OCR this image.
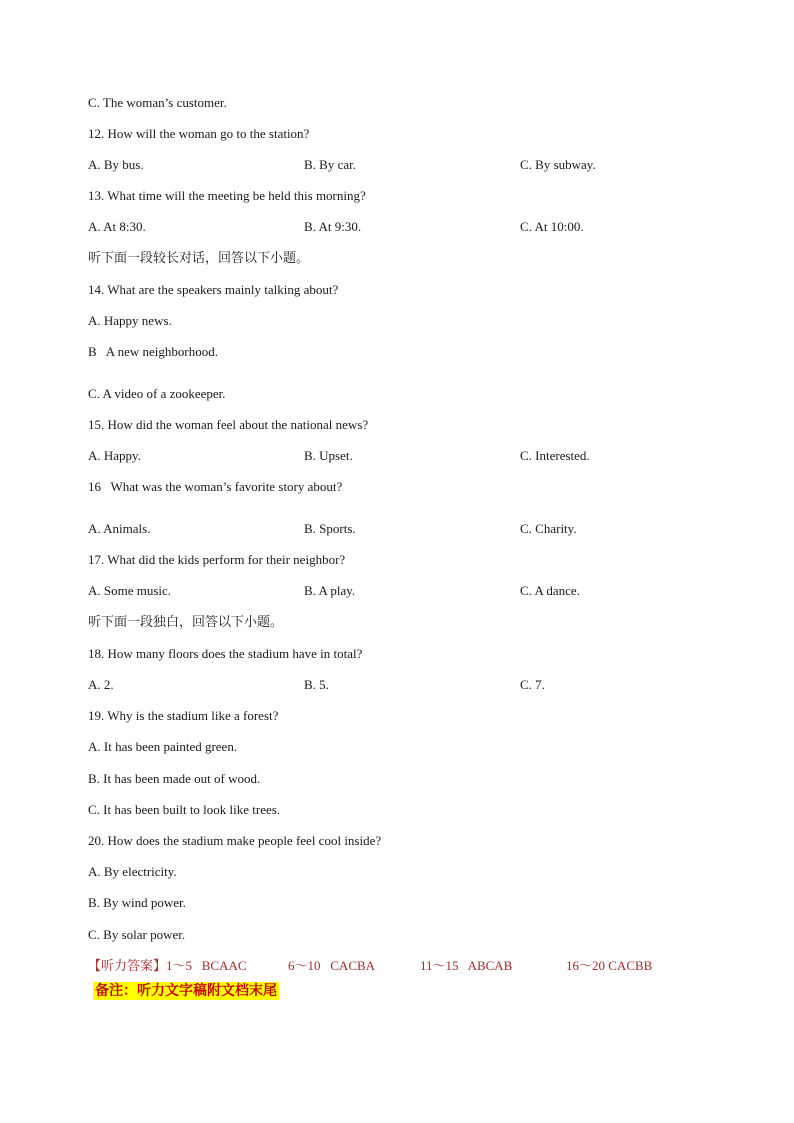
C. The woman’s customer.
12. How will the woman go to the station?
A. By bus.	B. By car.	C. By subway.
13. What time will the meeting be held this morning?
A. At 8:30.	B. At 9:30.	C. At 10:00.
听下面一段较长对话，回答以下小题。
14. What are the speakers mainly talking about?
A. Happy news.
B   A new neighborhood.
C. A video of a zookeeper.
15. How did the woman feel about the national news?
A. Happy.	B. Upset.	C. Interested.
16   What was the woman’s favorite story about?
A. Animals.	B. Sports.	C. Charity.
17. What did the kids perform for their neighbor?
A. Some music.	B. A play.	C. A dance.
听下面一段独白，回答以下小题。
18. How many floors does the stadium have in total?
A. 2.	B. 5.	C. 7.
19. Why is the stadium like a forest?
A. It has been painted green.
B. It has been made out of wood.
C. It has been built to look like trees.
20. How does the stadium make people feel cool inside?
A. By electricity.
B. By wind power.
C. By solar power.
【听力答案】1～5   BCAAC	6～10   CACBA	11～15   ABCAB	16～20 CACBB
备注：听力文字稿附文档末尾
